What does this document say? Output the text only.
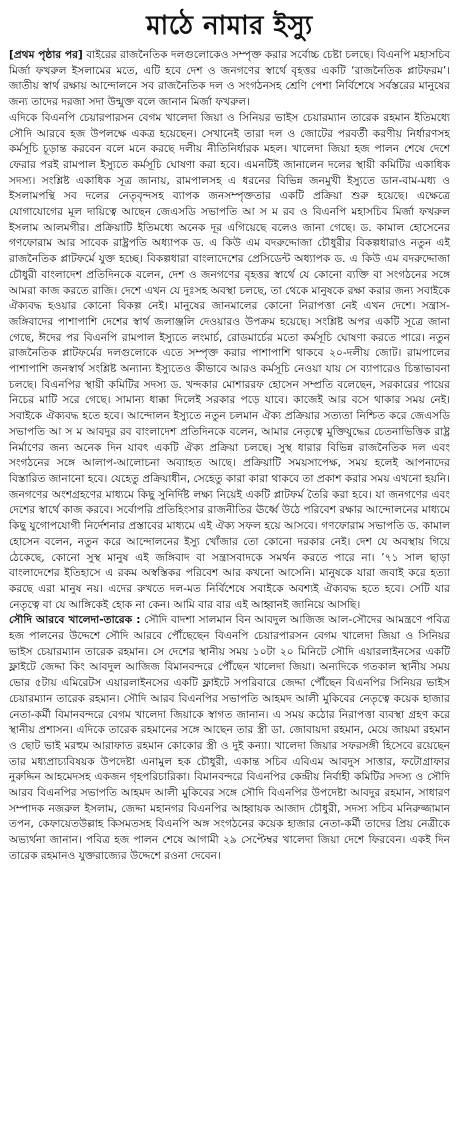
মাঠে নামার ইস্যু

[প্রথম পৃষ্ঠার পর] বাইরের রাজনৈতিক দলগুলোকেও সম্পৃক্ত করার সর্বোচ্চ চেষ্টা চলছে। বিএনপি মহাসচিব মির্জা ফখরুল ইসলামের মতে, এটি হবে দেশ ও জনগণের স্বার্থে বৃহত্তর একটি ‘রাজনৈতিক প্লাটফরম’। জাতীয় স্বার্থ রক্ষায় আন্দোলনে সব রাজনৈতিক দল ও সংগঠনসহ শ্রেণি পেশা নির্বিশেষে সর্বস্তরের মানুষের জন্য তাদের দরজা সদা উন্মুক্ত বলে জানান মির্জা ফখরুল।

এদিকে বিএনপি চেয়ারপারসন বেগম খালেদা জিয়া ও সিনিয়র ভাইস চেয়ারম্যান তারেক রহমান ইতিমধ্যে সৌদি আরবে হজ উপলক্ষে একত্র হয়েছেন। সেখানেই তারা দল ও জোটের পরবর্তী করণীয় নির্ধারণসহ কর্মসূচি চূড়ান্ত করবেন বলে মনে করছে দলীয় নীতিনির্ধারক মহল। খালেদা জিয়া হজ পালন শেষে দেশে ফেরার পরই রামপাল ইস্যুতে কর্মসূচি ঘোষণা করা হবে। এমনটিই জানালেন দলের স্থায়ী কমিটির একাধিক সদস্য। সংশ্লিষ্ট একাধিক সূত্র জানায়, রামপালসহ এ ধরনের বিভিন্ন জনমুখী ইস্যুতে ডান-বাম-মধ্য ও ইসলামপন্থি সব দলের নেতৃবৃন্দসহ ব্যাপক জনসম্পৃক্ততার একটি প্রক্রিয়া শুরু হয়েছে। এক্ষেত্রে যোগাযোগের মূল দায়িত্বে আছেন জেএসডি সভাপতি আ স ম রব ও বিএনপি মহাসচিব মির্জা ফখরুল ইসলাম আলমগীর। প্রক্রিয়াটি ইতিমধ্যে অনেক দূর এগিয়েছে বলেও জানা গেছে। ড. কামাল হোসেনের গণফোরাম আর সাবেক রাষ্ট্রপতি অধ্যাপক ড. এ কিউ এম বদরুদ্দোজা চৌধুরীর বিকল্পধারাও নতুন এই রাজনৈতিক প্লাটফর্মে যুক্ত হচ্ছে। বিকল্পধারা বাংলাদেশের প্রেসিডেন্ট অধ্যাপক ড. এ কিউ এম বদরুদ্দোজা চৌধুরী বাংলাদেশ প্রতিদিনকে বলেন, দেশ ও জনগণের বৃহত্তর স্বার্থে যে কোনো ব্যক্তি বা সংগঠনের সঙ্গে আমরা কাজ করতে রাজি। দেশে এখন যে দুঃসহ অবস্থা চলছে, তা থেকে মানুষকে রক্ষা করার জন্য সবাইকে ঐক্যবদ্ধ হওয়ার কোনো বিকল্প নেই। মানুষের জানমালের কোনো নিরাপত্তা নেই এখন দেশে। সন্ত্রাস-জঙ্গিবাদের পাশাপাশি দেশের স্বার্থ জলাঞ্জলি দেওয়ারও উপক্রম হয়েছে। সংশ্লিষ্ট অপর একটি সূত্রে জানা গেছে, ঈদের পর বিএনপি রামপাল ইস্যুতে লংমার্চ, রোডমার্চের মতো কর্মসূচি ঘোষণা করতে পারে। নতুন রাজনৈতিক প্লাটফর্মের দলগুলোকে এতে সম্পৃক্ত করার পাশাপাশি থাকবে ২০-দলীয় জোট। রামপালের পাশাপাশি জনস্বার্থ সংশ্লিষ্ট অন্যান্য ইস্যুতেও কীভাবে আরও কর্মসূচি নেওয়া যায় সে ব্যাপারেও চিন্তাভাবনা চলছে। বিএনপির স্থায়ী কমিটির সদস্য ড. খন্দকার মোশাররফ হোসেন সম্প্রতি বলেছেন, সরকারের পায়ের নিচের মাটি সরে গেছে। সামান্য ধাক্কা দিলেই সরকার পড়ে যাবে। কাজেই আর বসে থাকার সময় নেই। সবাইকে ঐক্যবদ্ধ হতে হবে। আন্দোলন ইস্যুতে নতুন চলমান ঐক্য প্রক্রিয়ার সত্যতা নিশ্চিত করে জেএসডি সভাপতি আ স ম আবদুর রব বাংলাদেশ প্রতিদিনকে বলেন, আমার নেতৃত্বে মুক্তিযুদ্ধের চেতনাভিত্তিক রাষ্ট্র নির্মাণের জন্য অনেক দিন যাবৎ একটি ঐক্য প্রক্রিয়া চলছে। সুস্থ ধারার বিভিন্ন রাজনৈতিক দল এবং সংগঠনের সঙ্গে আলাপ-আলোচনা অব্যাহত আছে। প্রক্রিয়াটি সময়সাপেক্ষ, সময় হলেই আপনাদের বিস্তারিত জানানো হবে। যেহেতু প্রক্রিয়াধীন, সেহেতু কারা কারা থাকবে তা প্রকাশ করার সময় এখনো হয়নি। জনগণের অংশগ্রহণের মাধ্যমে কিছু সুনির্দিষ্ট লক্ষ্য নিয়েই একটি প্লাটফর্ম তৈরি করা হবে। যা জনগণের এবং দেশের স্বার্থে কাজ করবে। সর্বোপরি প্রতিহিংসার রাজনীতির ঊর্ধ্বে উঠে পরিবেশ রক্ষার আন্দোলনের মাধ্যমে কিছু যুগোপযোগী নির্দেশনার প্রস্তাবের মাধ্যমে এই ঐক্য সফল হয়ে আসবে। গণফোরাম সভাপতি ড. কামাল হোসেন বলেন, নতুন করে আন্দোলনের ইস্যু খোঁজার তো কোনো দরকার নেই। দেশ যে অবস্থায় গিয়ে ঠেকেছে, কোনো সুস্থ মানুষ এই জঙ্গিবাদ বা সন্ত্রাসবাদকে সমর্থন করতে পারে না। ’৭১ সাল ছাড়া বাংলাদেশের ইতিহাসে এ রকম অস্বস্তিকর পরিবেশ আর কখনো আসেনি। মানুষকে যারা জবাই করে হত্যা করছে এরা মানুষ নয়। এদের রুখতে দল-মত নির্বিশেষে সবাইকে অবশ্যই ঐক্যবদ্ধ হতে হবে। সেটি যার নেতৃত্বে বা যে আঙ্গিকেই হোক না কেন। আমি বার বার এই আহ্বানই জানিয়ে আসছি।

সৌদি আরবে খালেদা-তারেক : সৌদি বাদশা সালমান বিন আবদুল আজিজ আল-সৌদের আমন্ত্রণে পবিত্র হজ পালনের উদ্দেশে সৌদি আরবে পৌঁছেছেন বিএনপি চেয়ারপারসন বেগম খালেদা জিয়া ও সিনিয়র ভাইস চেয়ারম্যান তারেক রহমান। সে দেশের স্থানীয় সময় ১০টা ২০ মিনিটে সৌদি এয়ারলাইনসের একটি ফ্লাইটে জেদ্দা কিং আবদুল আজিজ বিমানবন্দরে পৌঁছেন খালেদা জিয়া। অন্যদিকে গতকাল স্থানীয় সময় ভোর ৫টায় এমিরেটস এয়ারলাইনসের একটি ফ্লাইটে সপরিবারে জেদ্দা পৌঁছেন বিএনপির সিনিয়র ভাইস চেয়ারম্যান তারেক রহমান। সৌদি আরব বিএনপির সভাপতি আহমদ আলী মুকিবের নেতৃত্বে কয়েক হাজার নেতা-কর্মী বিমানবন্দরে বেগম খালেদা জিয়াকে স্বাগত জানান। এ সময় কঠোর নিরাপত্তা ব্যবস্থা গ্রহণ করে স্থানীয় প্রশাসন। এদিকে তারেক রহমানের সঙ্গে আছেন তার স্ত্রী ডা. জোবায়দা রহমান, মেয়ে জায়মা রহমান ও ছোট ভাই মরহুম আরাফাত রহমান কোকোর স্ত্রী ও দুই কন্যা। খালেদা জিয়ার সফরসঙ্গী হিসেবে রয়েছেন তার মধ্যপ্রাচ্যবিষয়ক উপদেষ্টা এনামুল হক চৌধুরী, একান্ত সচিব এবিএম আবদুস সাত্তার, ফটোগ্রাফার নুরুদ্দিন আহমেদসহ একজন গৃহপরিচারিকা। বিমানবন্দরে বিএনপির কেন্দ্রীয় নির্বাহী কমিটির সদস্য ও সৌদি আরব বিএনপির সভাপতি আহমদ আলী মুকিবের সঙ্গে সৌদি বিএনপির উপদেষ্টা আবদুর রহমান, সাধারণ সম্পাদক নজরুল ইসলাম, জেদ্দা মহানগর বিএনপির আহ্বায়ক আজাদ চৌধুরী, সদস্য সচিব মনিরুজ্জামান তপন, কেফায়েতউল্লাহ কিসমতসহ বিএনপি অঙ্গ সংগঠনের কয়েক হাজার নেতা-কর্মী তাদের প্রিয় নেত্রীকে অভ্যর্থনা জানান। পবিত্র হজ পালন শেষে আগামী ২৯ সেপ্টেম্বর খালেদা জিয়া দেশে ফিরবেন। একই দিন তারেক রহমানও যুক্তরাজ্যের উদ্দেশে রওনা দেবেন।
